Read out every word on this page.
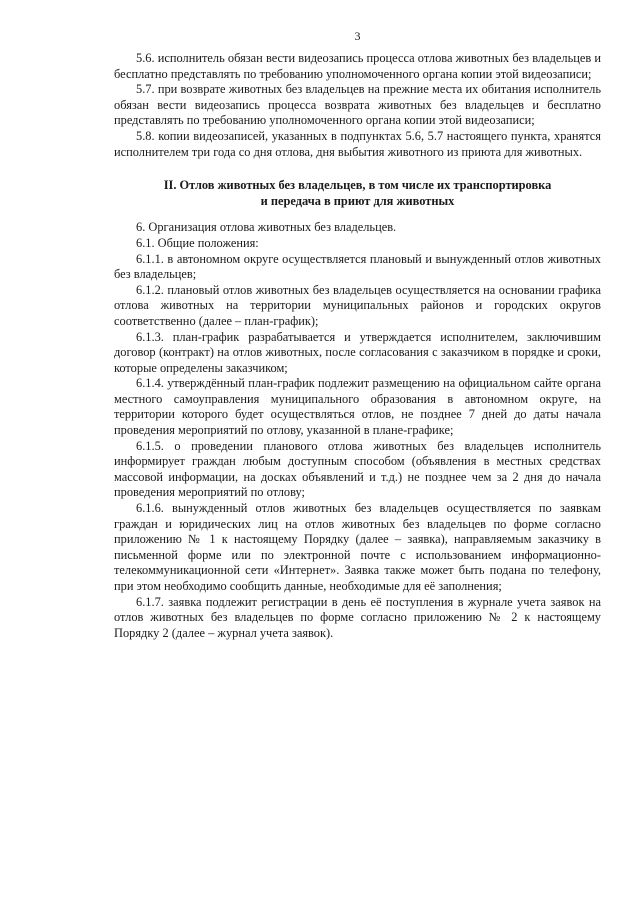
3

5.6. исполнитель обязан вести видеозапись процесса отлова животных без владельцев и бесплатно представлять по требованию уполномоченного органа копии этой видеозаписи;

5.7. при возврате животных без владельцев на прежние места их обитания исполнитель обязан вести видеозапись процесса возврата животных без владельцев и бесплатно представлять по требованию уполномоченного органа копии этой видеозаписи;

5.8. копии видеозаписей, указанных в подпунктах 5.6, 5.7 настоящего пункта, хранятся исполнителем три года со дня отлова, дня выбытия животного из приюта для животных.

II. Отлов животных без владельцев, в том числе их транспортировка

и передача в приют для животных

6. Организация отлова животных без владельцев.

6.1. Общие положения:

6.1.1. в автономном округе осуществляется плановый и вынужденный отлов животных без владельцев;

6.1.2. плановый отлов животных без владельцев осуществляется на основании графика отлова животных на территории муниципальных районов и городских округов соответственно (далее – план-график);

6.1.3. план-график разрабатывается и утверждается исполнителем, заключившим договор (контракт) на отлов животных, после согласования с заказчиком в порядке и сроки, которые определены заказчиком;

6.1.4. утверждённый план-график подлежит размещению на официальном сайте органа местного самоуправления муниципального образования в автономном округе, на территории которого будет осуществляться отлов, не позднее 7 дней до даты начала проведения мероприятий по отлову, указанной в плане-графике;

6.1.5. о проведении планового отлова животных без владельцев исполнитель информирует граждан любым доступным способом (объявления в местных средствах массовой информации, на досках объявлений и т.д.) не позднее чем за 2 дня до начала проведения мероприятий по отлову;

6.1.6. вынужденный отлов животных без владельцев осуществляется по заявкам граждан и юридических лиц на отлов животных без владельцев по форме согласно приложению № 1 к настоящему Порядку (далее – заявка), направляемым заказчику в письменной форме или по электронной почте с использованием информационно-телекоммуникационной сети «Интернет». Заявка также может быть подана по телефону, при этом необходимо сообщить данные, необходимые для её заполнения;

6.1.7. заявка подлежит регистрации в день её поступления в журнале учета заявок на отлов животных без владельцев по форме согласно приложению № 2 к настоящему Порядку 2 (далее – журнал учета заявок).
